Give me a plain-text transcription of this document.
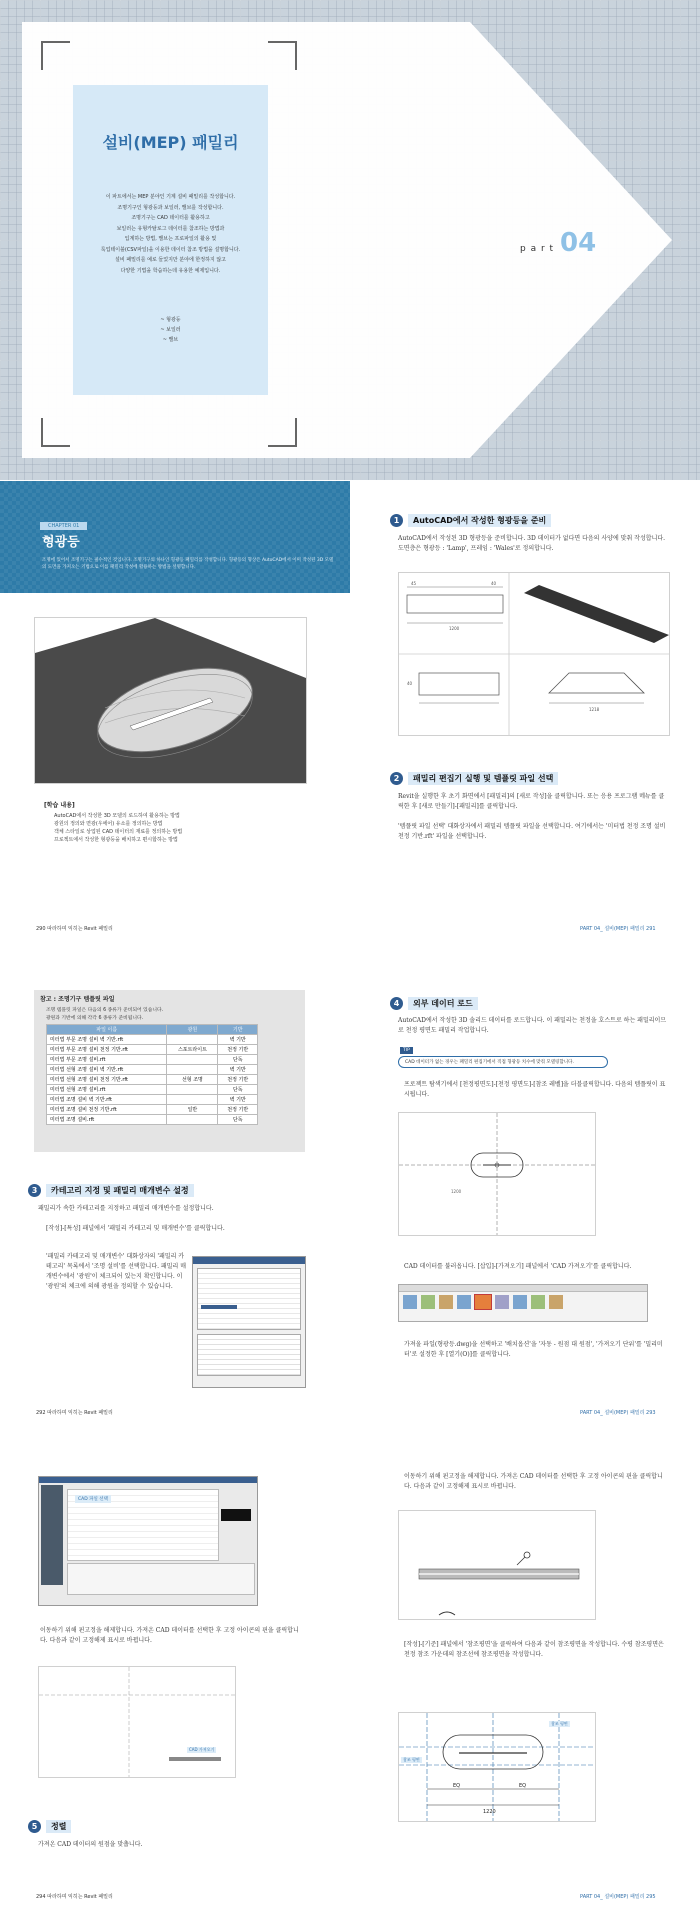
설비(MEP) 패밀리
이 파트에서는 MEP 분야인 기계 설비 패밀리를 작성합니다.
조명기구인 형광등과 보일러, 밸브를 작성합니다.
조명기구는 CAD 데이터를 활용하고
보일러는 유형카탈로그 데이터를 참조하는 방법과
입계하는 방법, 밸브는 프로파일의 활용 및
룩업테이블(CSV파일)을 이용한 데이터 참조 방법을 설명합니다.
설비 패밀리를 예로 들었지만 분야에 한정하지 않고
다양한 기법을 학습하는데 유용한 예제입니다.
~ 형광등
~ 보일러
~ 밸브
p a r t 04
CHAPTER 01
형광등
조명에 있어서 조명기구는 필수적인 것입니다. 조명기구의 하나인 형광등 패밀리를 작성합니다. 형광등의 형상은 AutoCAD에서 이미 작성된 3D 모델의 도면을 가져오는 기법으로 이를 패밀리 작성에 활용하는 방법을 설명합니다.
[학습 내용]
AutoCAD에서 작성한 3D 모델의 로드하여 활용하는 방법
광원의 정의와 면광(우에어) 유소를 정의하는 방법
객체 스타일로 상업된 CAD 데이터의 재료를 정의하는 방법
프로젝트에서 작성한 형광등을 배치하고 편시합하는 방법
290 따라하며 익히는 Revit 패밀리
1	AutoCAD에서 작성한 형광등을 준비
AutoCAD에서 작성된 3D 형광등을 준비합니다. 3D 데이터가 없다면 다음의 사양에 맞춰 작성합니다. 도면층은 형광등 : 'Lamp', 프레임 : 'Wales'로 정의합니다.
45	40
1200
40
1218
2	패밀리 편집기 실행 및 템플릿 파일 선택
Revit을 실행한 후 초기 화면에서 [패밀리]의 [새로 작성]을 클릭합니다. 또는 응용 프로그램 메뉴를 클릭한 후 [새로 만들기]-[패밀리]를 클릭합니다.
'템플릿 파일 선택' 대화상자에서 패밀리 템플릿 파일을 선택합니다. 여기에서는 '미터법 천정 조명 설비 천정 기반.rft' 파일을 선택합니다.
PART 04_ 설비(MEP) 패밀리 291
참고 : 조명기구 템플릿 파일
조명 템플릿 파일은 다음의 6 종류가 준비되어 있습니다.
광원과 기반에 의해 각각 6 종류가 준비됩니다.
파일 이름	광원	기반
미터법 부문 조명 설비 벽 기반.rft		벽 기반
미터법 부문 조명 설비 천정 기반.rft	스포트라이트	천정 기반
미터법 부문 조명 설비.rft		단독
미터법 선형 조명 설비 벽 기반.rft		벽 기반
미터법 선형 조명 설비 천정 기반.rft	선형 조명	천정 기반
미터법 선형 조명 설비.rft		단독
미터법 조명 설비 벽 기반.rft		벽 기반
미터법 조명 설비 천정 기반.rft	일반	천정 기반
미터법 조명 설비.rft		단독
3	카테고리 지정 및 패밀리 매개변수 설정
패밀리가 속한 카테고리를 지정하고 패밀리 매개변수를 설정합니다.
[작성]-[특성] 패널에서 '패밀리 카테고리 및 매개변수'를 클릭합니다.
'패밀리 카테고리 및 매개변수' 대화상자의 '패밀리 카테고리' 목록에서 '조명 설비'를 선택합니다. 패밀리 매개변수에서 '광원'이 체크되어 있는지 확인합니다. 이 '광원'의 체크에 의해 광원을 정의할 수 있습니다.
292 따라하며 익히는 Revit 패밀리
4	외부 데이터 로드
AutoCAD에서 작성한 3D 솔리드 데이터를 로드합니다. 이 패밀리는 천정을 호스트로 하는 패밀리이므로 천정 평면도 패밀리 작업합니다.
TIP
CAD 데이터가 없는 경우는 패밀리 편집기에서 직접 형광등 치수에 맞춰 모델링합니다.
프로젝트 탐색기에서 [천정평면도]-[천정 평면도]-[참조 레벨]을 더블클릭합니다. 다음의 템플릿이 표시됩니다.
1200
CAD 데이터를 불러옵니다. [삽입]-[가져오기] 패널에서 'CAD 가져오기'를 클릭합니다.
가져올 파일(형광등.dwg)을 선택하고 '배치옵션'을 '자동 - 원점 대 원점', '가져오기 단위'를 '밀리미터'로 설정한 후 [열기(O)]를 클릭합니다.
PART 04_ 설비(MEP) 패밀리 293
CAD 파일 선택
이동하기 위해 핀고정을 해제합니다. 가져온 CAD 데이터를 선택한 후 고정 아이콘의 핀을 클릭합니다. 다음과 같이 고정해제 표시로 바뀝니다.
CAD 가져오기
5	정렬
가져온 CAD 데이터의 원점을 맞춥니다.
294 따라하며 익히는 Revit 패밀리
이동하기 위해 핀고정을 해제합니다. 가져온 CAD 데이터를 선택한 후 고정 아이콘의 핀을 클릭합니다. 다음과 같이 고정해제 표시로 바뀝니다.
[작성]-[기준] 패널에서 '참조평면'을 클릭하여 다음과 같이 참조평면을 작성합니다. 수평 참조평면은 천정 참조 가운데의 참조선에 참조평면을 작성합니다.
EQ	EQ
1220
참조 평면
참조 평면
PART 04_ 설비(MEP) 패밀리 295
